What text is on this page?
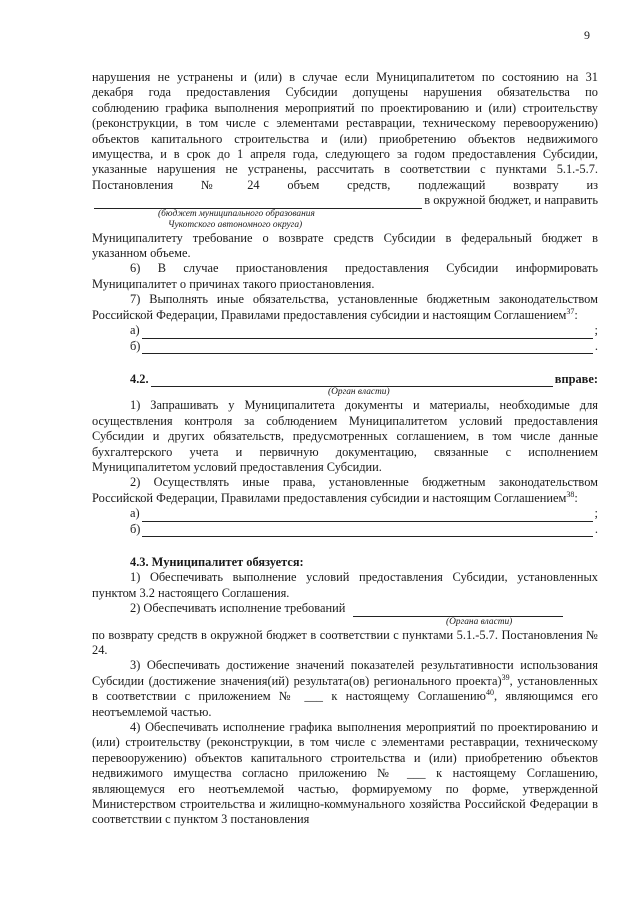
9

нарушения не устранены и (или) в случае если Муниципалитетом по состоянию на 31

декабря года предоставления Субсидии допущены нарушения обязательства по

соблюдению графика выполнения мероприятий по проектированию и (или) строительству

(реконструкции, в том числе с элементами реставрации, техническому перевооружению)

объектов капитального строительства и (или) приобретению объектов недвижимого

имущества, и в срок до 1 апреля года, следующего за годом предоставления Субсидии,

указанные нарушения не устранены, рассчитать в соответствии с пунктами 5.1.-5.7.

Постановления № 24 объем средств, подлежащий возврату из

в окружной бюджет, и направить
(бюджет муниципального образования
Чукотского автономного округа)

Муниципалитету требование о возврате средств Субсидии в федеральный бюджет в

указанном объеме.

6) В случае приостановления предоставления Субсидии информировать Муниципалитет о причинах такого приостановления.

7) Выполнять иные обязательства, установленные бюджетным законодательством Российской Федерации, Правилами предоставления субсидии и настоящим Соглашением$^{37}$:

а)	;
б)	.
4.2.	вправе:
(Орган власти)

1) Запрашивать у Муниципалитета документы и материалы, необходимые для осуществления контроля за соблюдением Муниципалитетом условий предоставления Субсидии и других обязательств, предусмотренных соглашением, в том числе данные бухгалтерского учета и первичную документацию, связанные с исполнением Муниципалитетом условий предоставления Субсидии.

2) Осуществлять иные права, установленные бюджетным законодательством Российской Федерации, Правилами предоставления субсидии и настоящим Соглашением$^{38}$:

а)	;
б)	.

4.3. Муниципалитет обязуется:

1) Обеспечивать выполнение условий предоставления Субсидии, установленных пунктом 3.2 настоящего Соглашения.

2) Обеспечивать исполнение требований
(Органа власти)

по возврату средств в окружной бюджет в соответствии с пунктами 5.1.-5.7. Постановления № 24.

3) Обеспечивать достижение значений показателей результативности использования Субсидии (достижение значения(ий) результата(ов) регионального проекта)$^{39}$, установленных в соответствии с приложением № ___ к настоящему Соглашению$^{40}$, являющимся его неотъемлемой частью.

4) Обеспечивать исполнение графика выполнения мероприятий по проектированию и (или) строительству (реконструкции, в том числе с элементами реставрации, техническому перевооружению) объектов капитального строительства и (или) приобретению объектов недвижимого имущества согласно приложению № ___ к настоящему Соглашению, являющемуся его неотъемлемой частью, формируемому по форме, утвержденной Министерством строительства и жилищно-коммунального хозяйства Российской Федерации в соответствии с пунктом 3 постановления
